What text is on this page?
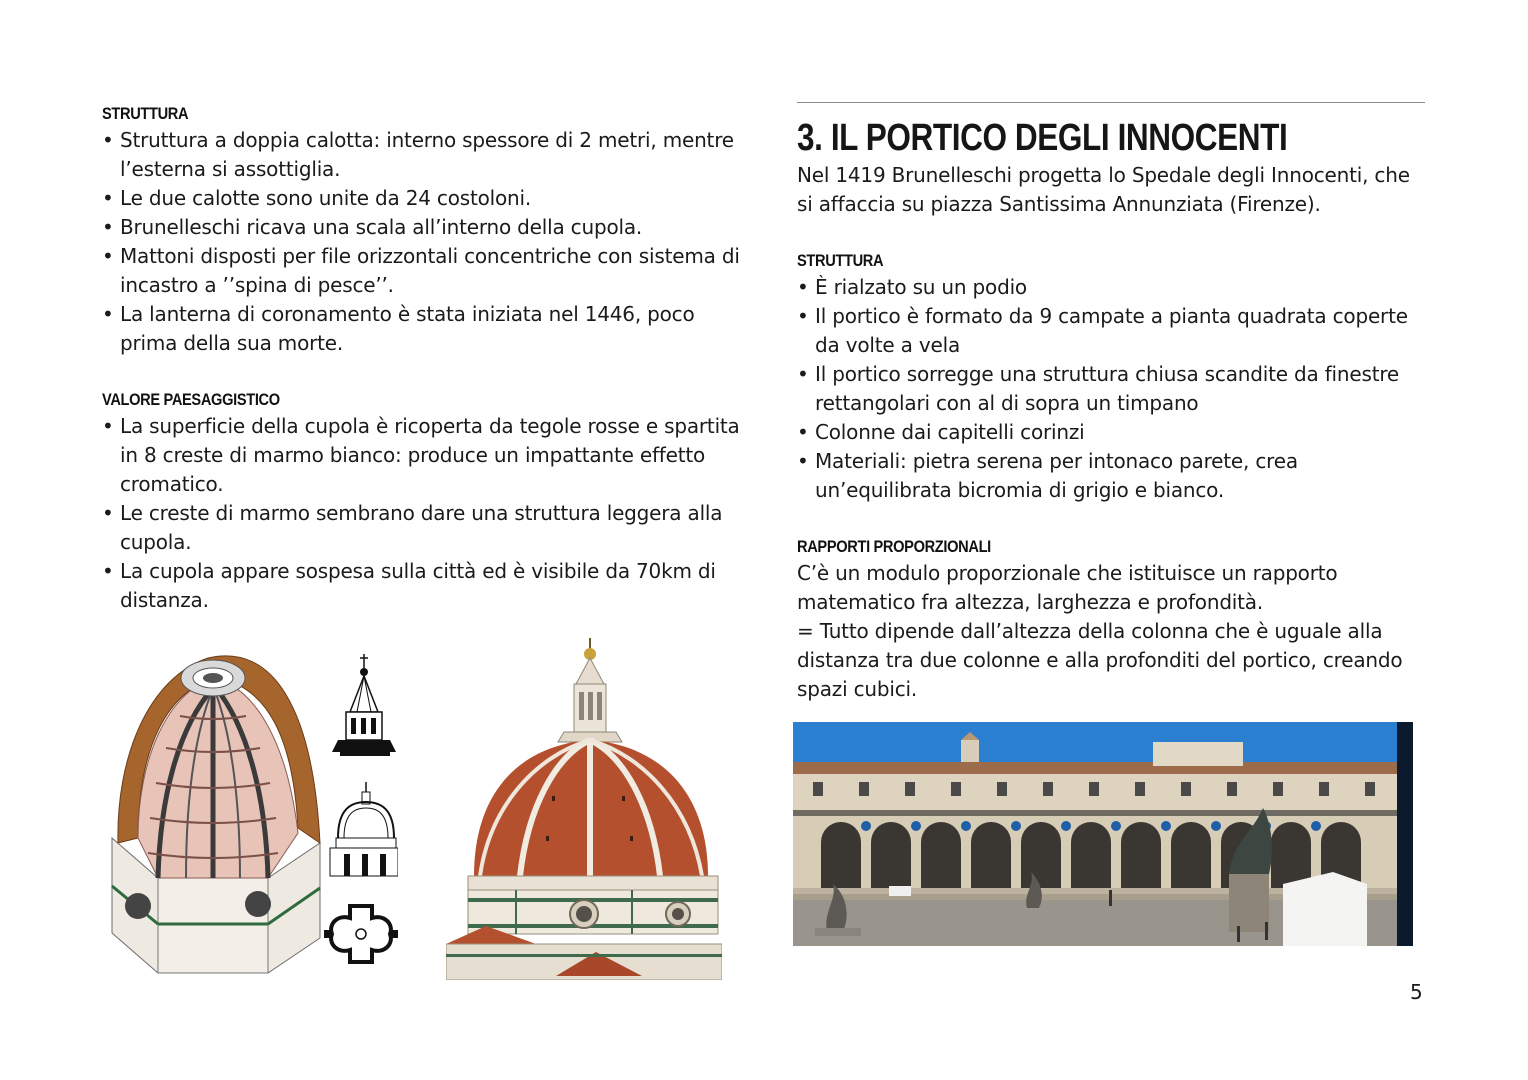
STRUTTURA
• Struttura a doppia calotta: interno spessore di 2 metri, mentre l’esterna si assottiglia.
• Le due calotte sono unite da 24 costoloni.
• Brunelleschi ricava una scala all’interno della cupola.
• Mattoni disposti per file orizzontali concentriche con sistema di incastro a ’’spina di pesce’’.
• La lanterna di coronamento è stata iniziata nel 1446, poco prima della sua morte.
VALORE PAESAGGISTICO
• La superficie della cupola è ricoperta da tegole rosse e spartita in 8 creste di marmo bianco: produce un impattante effetto cromatico.
• Le creste di marmo sembrano dare una struttura leggera alla cupola.
• La cupola appare sospesa sulla città ed è visibile da 70km di distanza.
3. IL PORTICO DEGLI INNOCENTI

Nel 1419 Brunelleschi progetta lo Spedale degli Innocenti, che si affaccia su piazza Santissima Annunziata (Firenze).

STRUTTURA
• È rialzato su un podio
• Il portico è formato da 9 campate a pianta quadrata coperte da volte a vela
• Il portico sorregge una struttura chiusa scandite da finestre rettangolari con al di sopra un timpano
• Colonne dai capitelli corinzi
• Materiali: pietra serena per intonaco parete, crea un’equilibrata bicromia di grigio e bianco.
RAPPORTI PROPORZIONALI

C’è un modulo proporzionale che istituisce un rapporto matematico fra altezza, larghezza e profondità.

= Tutto dipende dall’altezza della colonna che è uguale alla distanza tra due colonne e alla profonditi del portico, creando spazi cubici.

5
